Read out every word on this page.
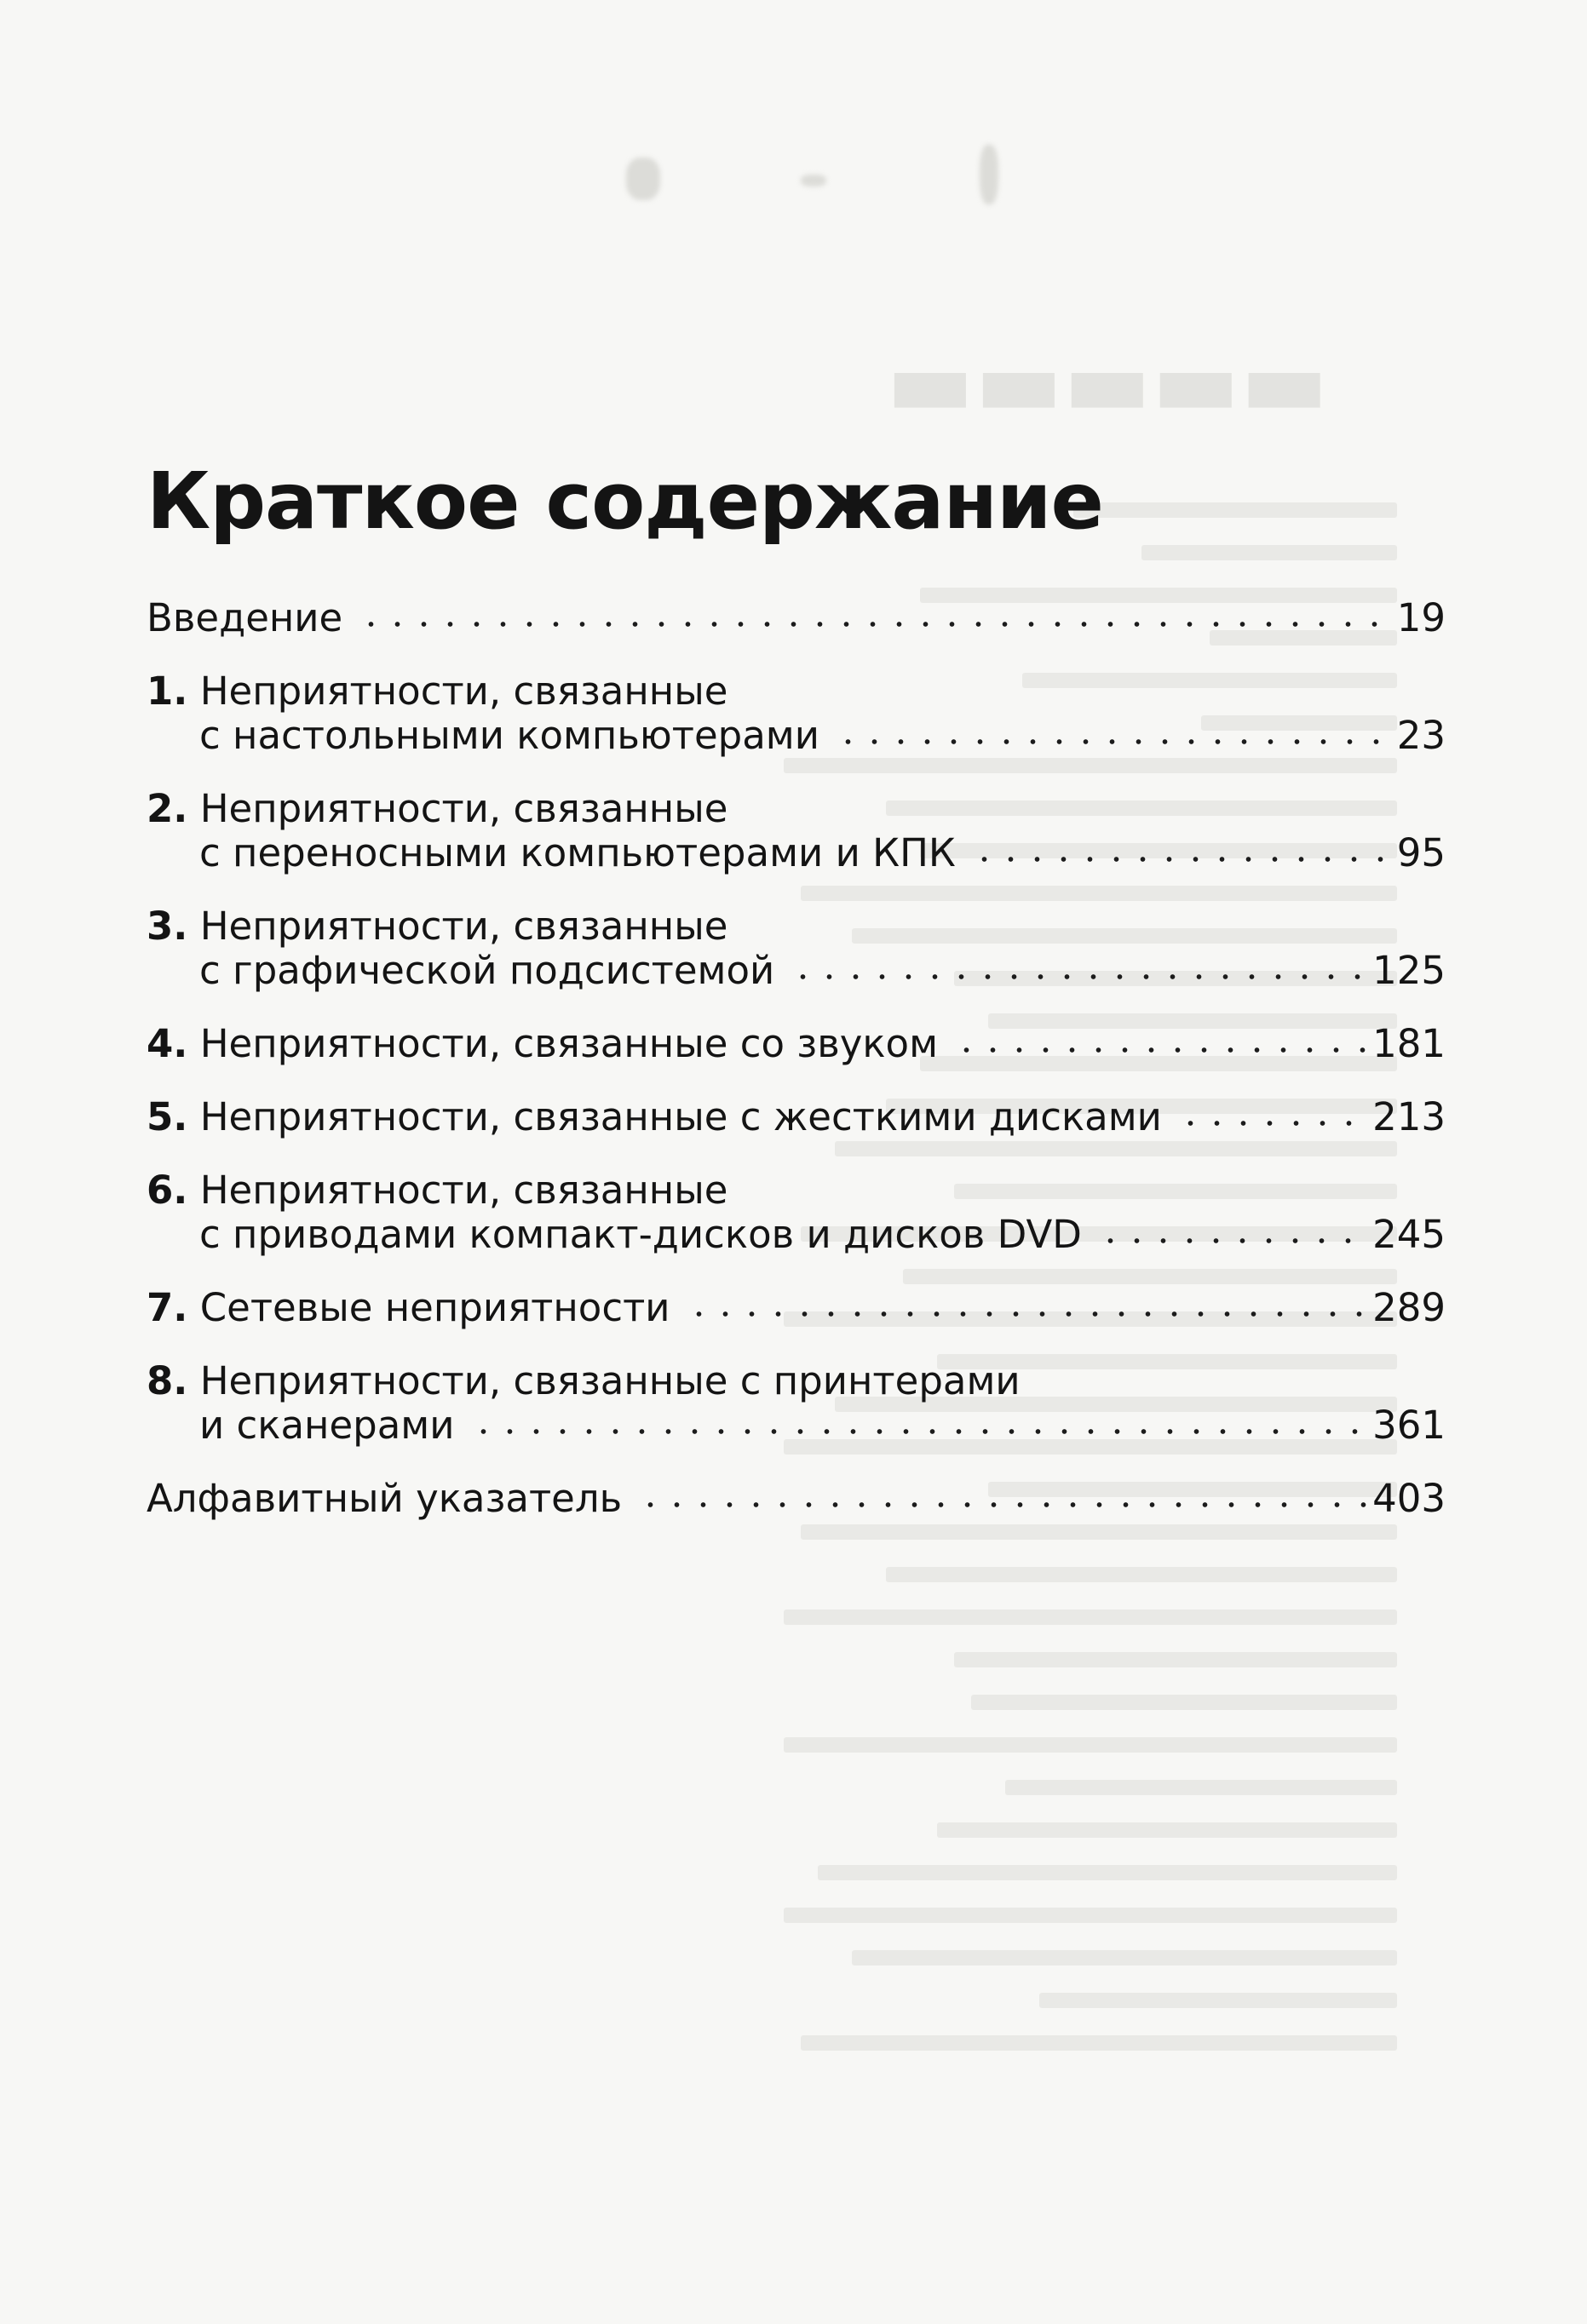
▬▬▬▬▬
Краткое содержание
Введение	19
1.
Неприятности, связанные
с настольными компьютерами	23
2.
Неприятности, связанные
с переносными компьютерами и КПК	95
3.
Неприятности, связанные
с графической подсистемой	125
4.
Неприятности, связанные со звуком	181
5.
Неприятности, связанные с жесткими дисками	213
6.
Неприятности, связанные
с приводами компакт-дисков и дисков DVD	245
7.
Сетевые неприятности	289
8.
Неприятности, связанные с принтерами
и сканерами	361
Алфавитный указатель	403
